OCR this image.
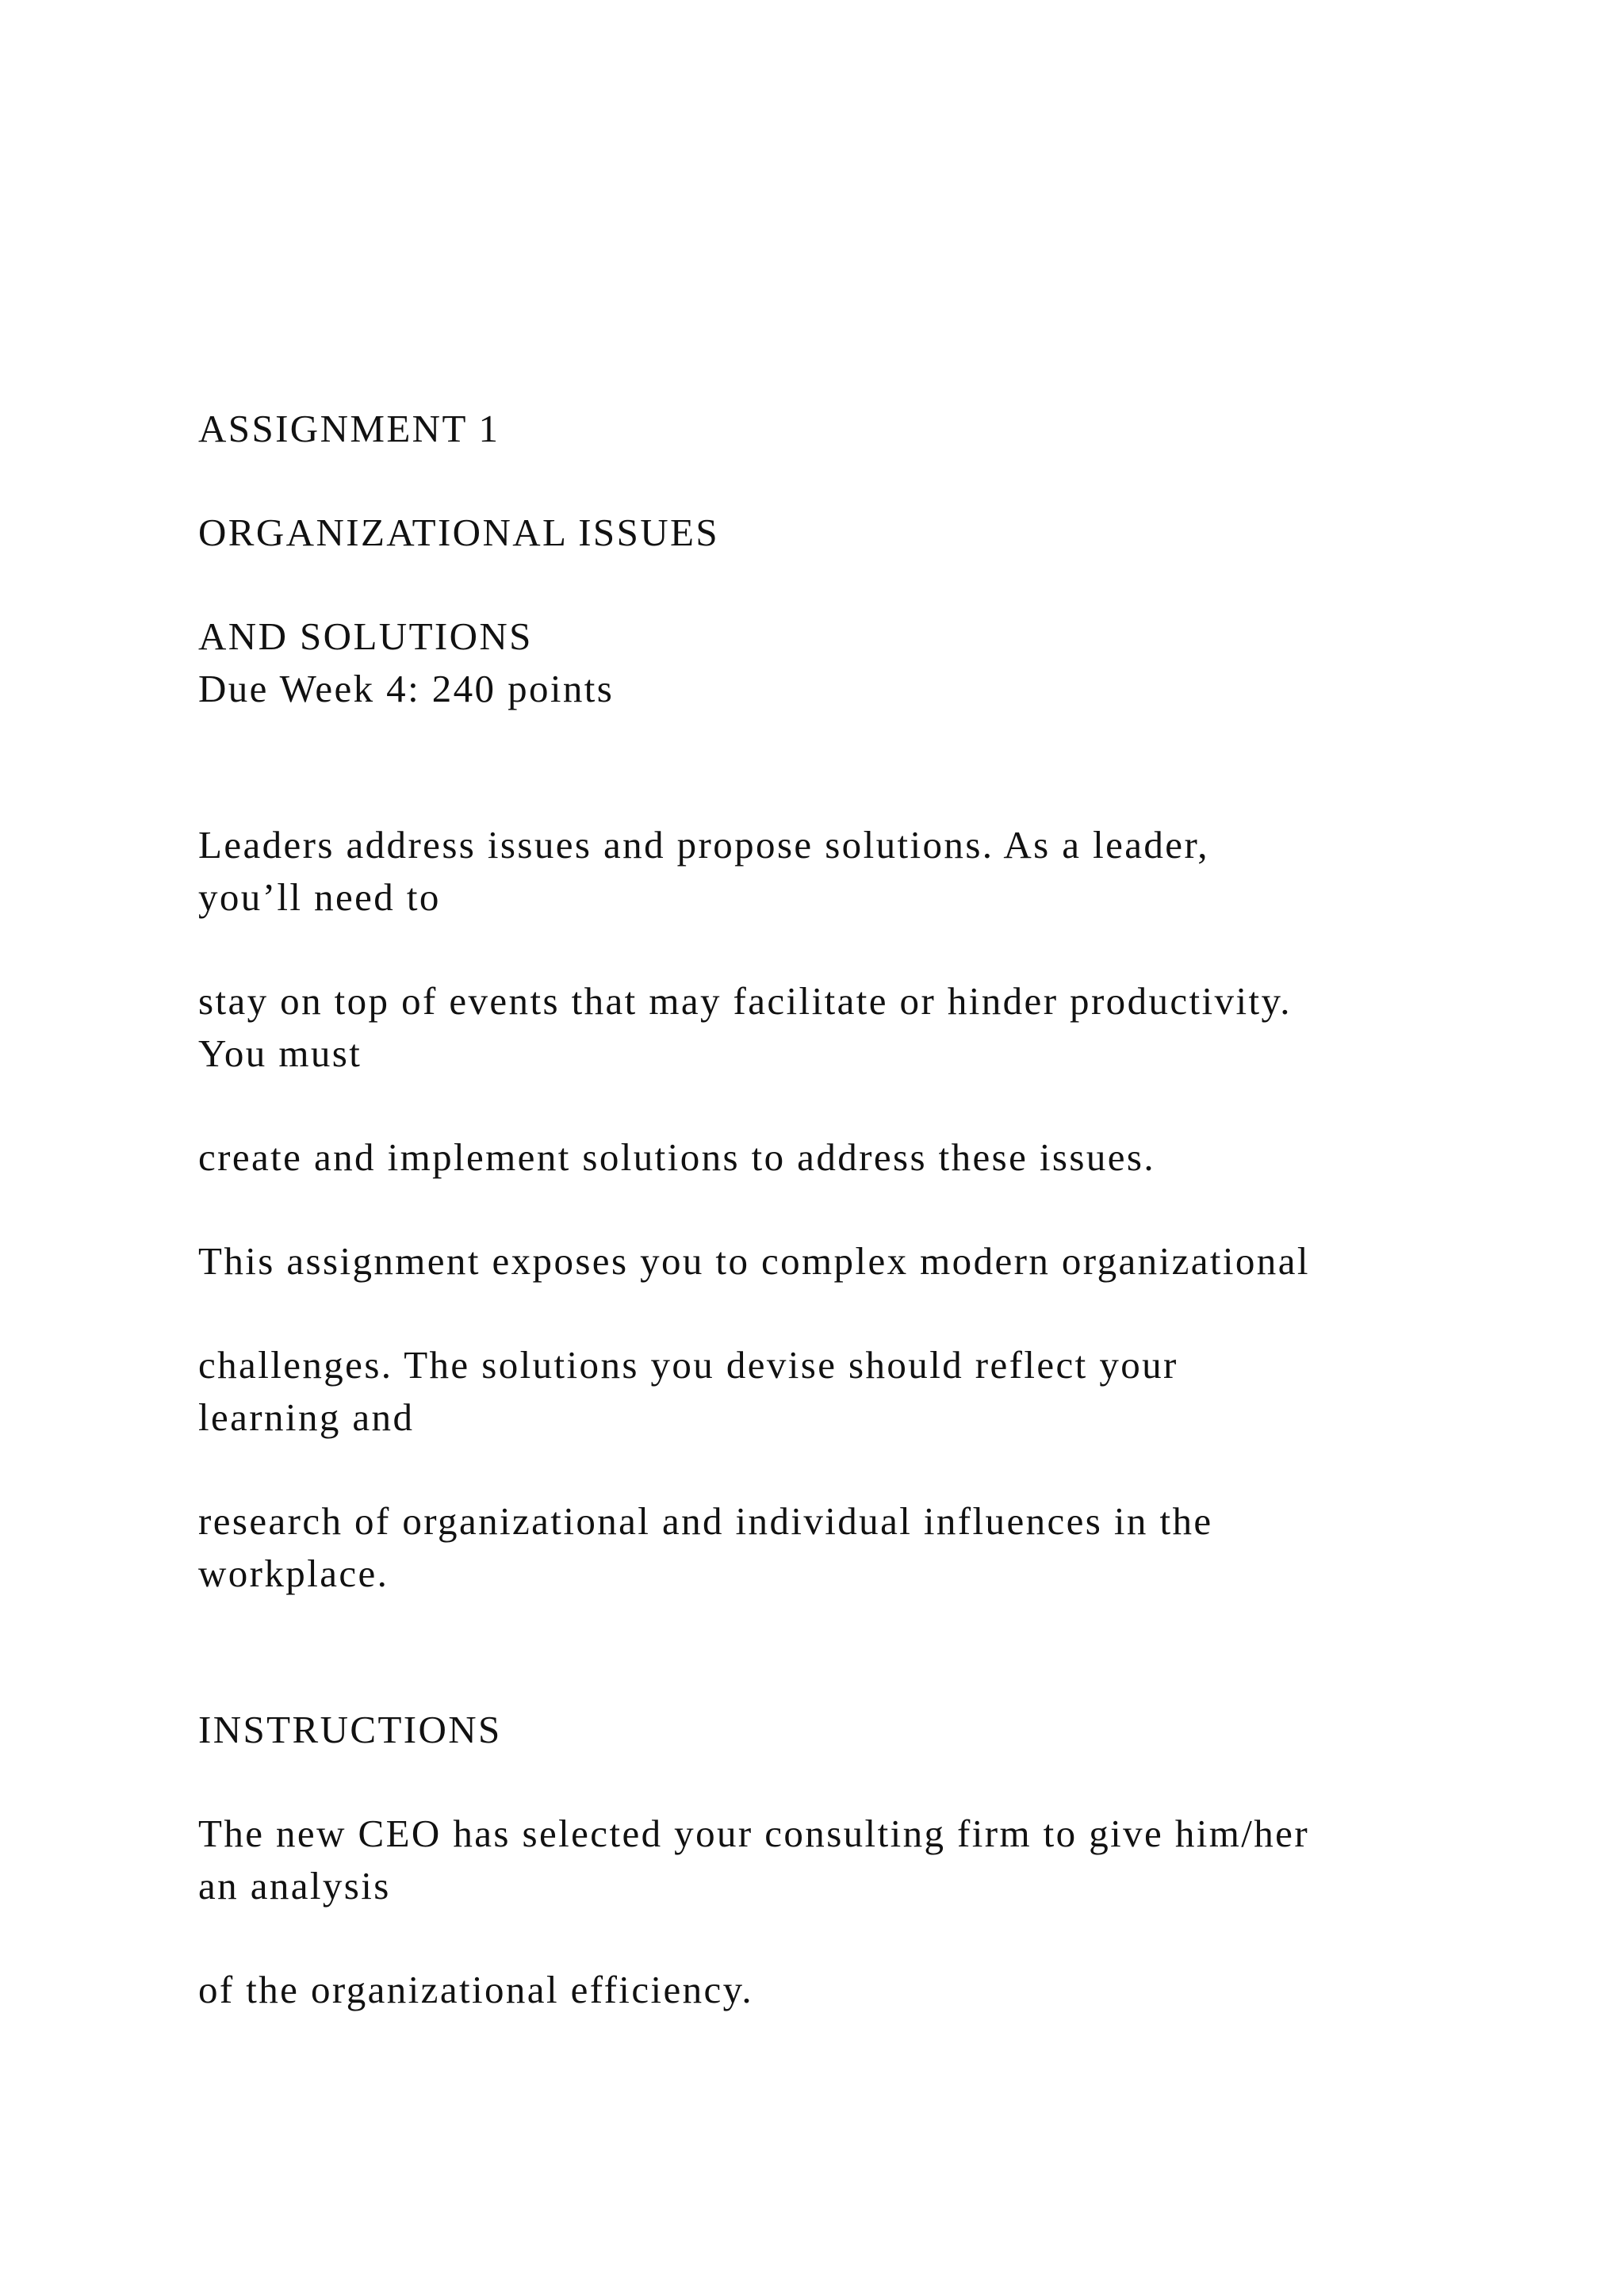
ASSIGNMENT 1

ORGANIZATIONAL ISSUES

AND SOLUTIONS

Due Week 4: 240 points

Leaders address issues and propose solutions. As a leader,

you’ll need to

stay on top of events that may facilitate or hinder productivity.

You must

create and implement solutions to address these issues.

This assignment exposes you to complex modern organizational

challenges. The solutions you devise should reflect your

learning and

research of organizational and individual influences in the

workplace.

INSTRUCTIONS

The new CEO has selected your consulting firm to give him/her

an analysis

of the organizational efficiency.
